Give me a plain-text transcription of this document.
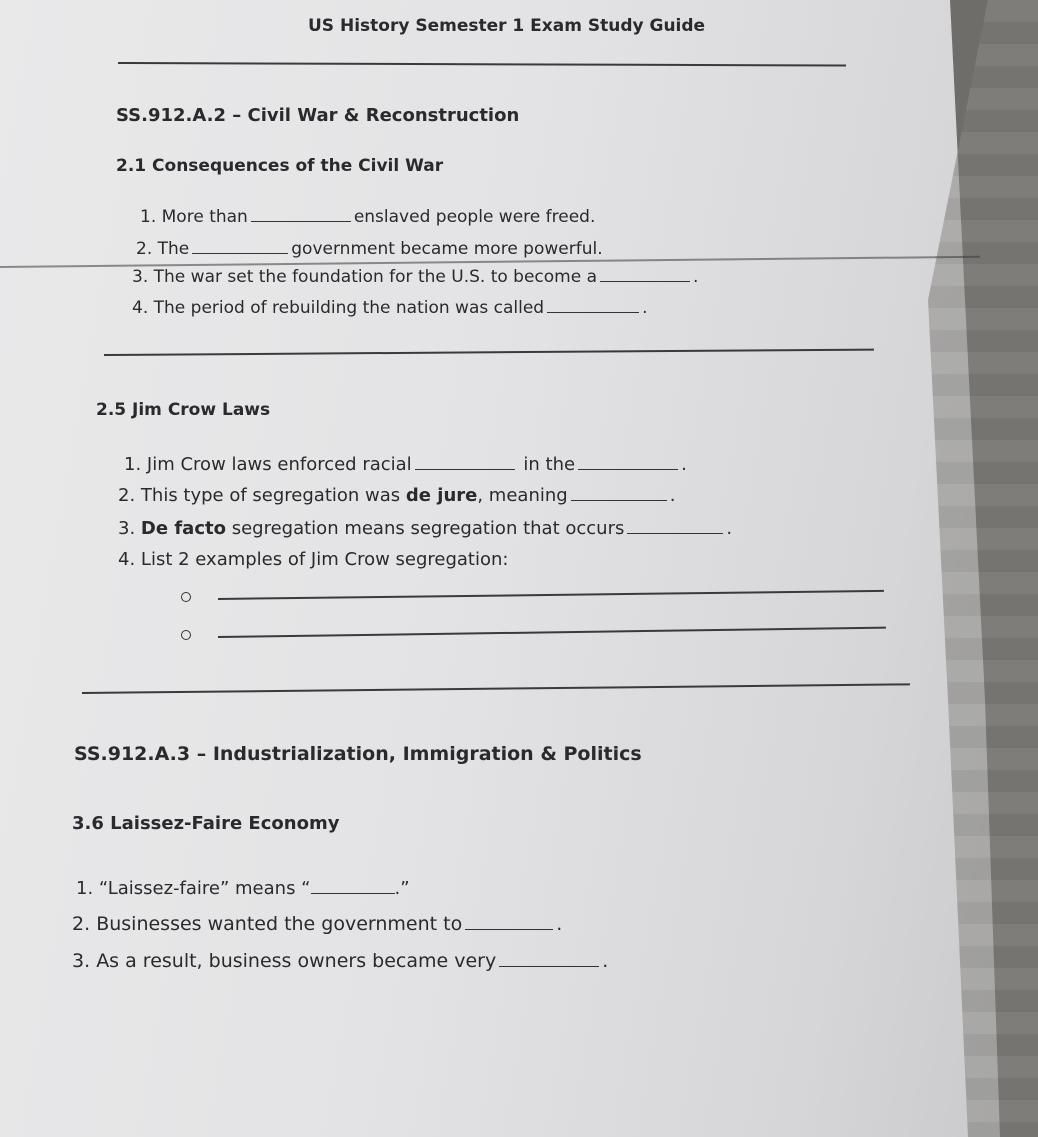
US History Semester 1 Exam Study Guide
SS.912.A.2 – Civil War & Reconstruction
2.1 Consequences of the Civil War
1. More than	enslaved people were freed.
2. The	government became more powerful.
3. The war set the foundation for the U.S. to become a	.
4. The period of rebuilding the nation was called	.
2.5 Jim Crow Laws
1. Jim Crow laws enforced racial	in the	.
2. This type of segregation was de jure, meaning	.
3. De facto segregation means segregation that occurs	.
4. List 2 examples of Jim Crow segregation:
SS.912.A.3 – Industrialization, Immigration & Politics
3.6 Laissez-Faire Economy
1. “Laissez-faire” means “	.”
2. Businesses wanted the government to	.
3. As a result, business owners became very	.
